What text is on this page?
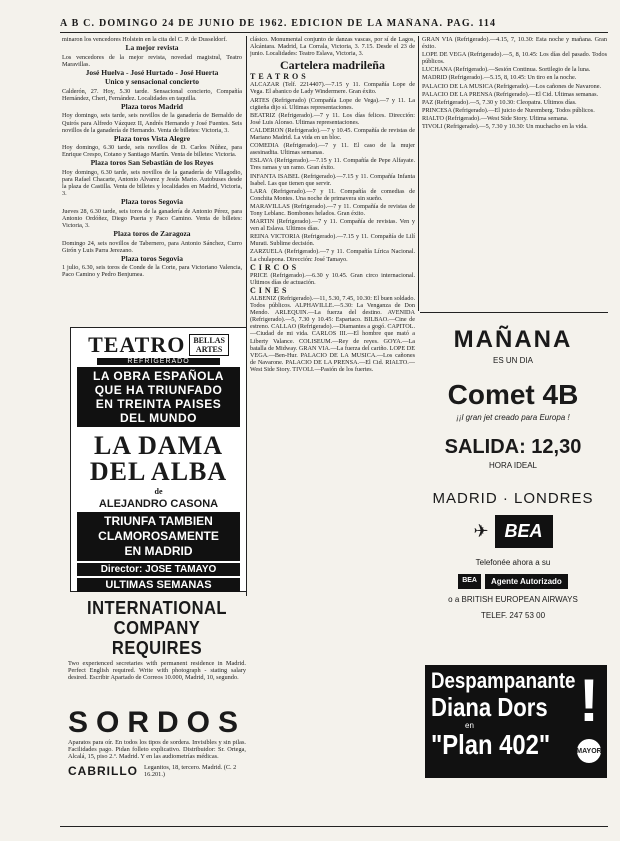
A B C. DOMINGO 24 DE JUNIO DE 1962. EDICION DE LA MAÑANA. PAG. 114

minaron los vencedores Holstein en la cita del C. P. de Dusseldorf.

La mejor revista

Los vencedores de la mejor revista, novedad magistral, Teatro Maravillas.

José Huelva - José Hurtado - José Huerta

Unico y sensacional concierto

Calderón, 27. Hoy, 5.30 tarde. Sensacional concierto, Compañía Hernández, Cheri, Fernández. Localidades en taquilla.

Plaza toros Madrid

Hoy domingo, seis tarde, seis novillos de la ganadería de Bernaldo de Quirós para Alfredo Vázquez II, Andrés Hernando y José Fuentes. Seis novillos de la ganadería de Hernando. Venta de billetes: Victoria, 3.

Plaza toros Vista Alegre

Hoy domingo, 6.30 tarde, seis novillos de D. Carlos Núñez, para Enrique Crespo, Cotano y Santiago Martín. Venta de billetes: Victoria.

Plaza toros San Sebastián de los Reyes

Hoy domingo, 6.30 tarde, seis novillos de la ganadería de Villagodio, para Rafael Chacarte, Antonio Alvarez y Jesús Mario. Autobuses desde la plaza de Castilla. Venta de billetes y localidades en Madrid, Victoria, 3.

Plaza toros Segovia

Jueves 28, 6.30 tarde, seis toros de la ganadería de Antonio Pérez, para Antonio Ordóñez, Diego Puerta y Paco Camino. Venta de billetes: Victoria, 3.

Plaza toros de Zaragoza

Domingo 24, seis novillos de Tabernero, para Antonio Sánchez, Curro Girón y Luis Parra Jerezano.

Plaza toros Segovia

1 julio, 6.30, seis toros de Conde de la Corte, para Victoriano Valencia, Paco Camino y Pedro Benjumea.

clásico. Monumental conjunto de danzas vascas, por sí de Lagos, Alcántara. Madrid, La Corrala, Victoria, 3. 7.15. Desde el 23 de junio. Localidades: Teatro Eslava, Victoria, 3.

Cartelera madrileña
TEATROS

ALCAZAR (Telf. 2214407).—7.15 y 11. Compañía Lope de Vega. El abanico de Lady Windermere. Gran éxito.

ARTES (Refrigerado) (Compañía Lope de Vega).—7 y 11. La cigüeña dijo sí. Ultimas representaciones.

BEATRIZ (Refrigerado).—7 y 11. Los días felices. Dirección: José Luis Alonso. Ultimas representaciones.

CALDERON (Refrigerado).—7 y 10.45. Compañía de revistas de Mariano Madrid. La vida en un bloc.

COMEDIA (Refrigerado).—7 y 11. El caso de la mujer asesinadita. Ultimas semanas.

ESLAVA (Refrigerado).—7.15 y 11. Compañía de Pepe Alfayate. Tres ramas y un ramo. Gran éxito.

INFANTA ISABEL (Refrigerado).—7.15 y 11. Compañía Infanta Isabel. Las que tienen que servir.

LARA (Refrigerado).—7 y 11. Compañía de comedias de Conchita Montes. Una noche de primavera sin sueño.

MARAVILLAS (Refrigerado).—7 y 11. Compañía de revistas de Tony Leblanc. Bombones helados. Gran éxito.

MARTIN (Refrigerado).—7 y 11. Compañía de revistas. Ven y ven al Eslava. Ultimos días.

REINA VICTORIA (Refrigerado).—7.15 y 11. Compañía de Lilí Murati. Sublime decisión.

ZARZUELA (Refrigerado).—7 y 11. Compañía Lírica Nacional. La chulapona. Dirección: José Tamayo.

CIRCOS

PRICE (Refrigerado).—6.30 y 10.45. Gran circo internacional. Ultimos días de actuación.

CINES

ALBENIZ (Refrigerado).—11, 5.30, 7.45, 10.30: El buen soldado. Todos públicos. ALPHAVILLE.—5.30: La Venganza de Don Mendo. ARLEQUIN.—La fuerza del destino. AVENIDA (Refrigerado).—5, 7.30 y 10.45: Espartaco. BILBAO.—Cine de estreno. CALLAO (Refrigerado).—Diamantes a gogó. CAPITOL.—Ciudad de mi vida. CARLOS III.—El hombre que mató a Liberty Valance. COLISEUM.—Rey de reyes. GOYA.—La batalla de Midway. GRAN VIA.—La fuerza del cariño. LOPE DE VEGA.—Ben-Hur. PALACIO DE LA MUSICA.—Los cañones de Navarone. PALACIO DE LA PRENSA.—El Cid. RIALTO.—West Side Story. TIVOLI.—Pasión de los fuertes.

GRAN VIA (Refrigerado).—4.15, 7, 10.30: Esta noche y mañana. Gran éxito.

LOPE DE VEGA (Refrigerado).—5, 8, 10.45: Los días del pasado. Todos públicos.

LUCHANA (Refrigerado).—Sesión Continua. Sortilegio de la luna.

MADRID (Refrigerado).—5.15, 8, 10.45: Un tiro en la noche.

PALACIO DE LA MUSICA (Refrigerado).—Los cañones de Navarone.

PALACIO DE LA PRENSA (Refrigerado).—El Cid. Ultimas semanas.

PAZ (Refrigerado).—5, 7.30 y 10.30: Cleopatra. Ultimos días.

PRINCESA (Refrigerado).—El juicio de Nuremberg. Todos públicos.

RIALTO (Refrigerado).—West Side Story. Ultima semana.

TIVOLI (Refrigerado).—5, 7.30 y 10.30: Un muchacho en la vida.

TEATRO	BELLAS
ARTES
REFRIGERADO
LA OBRA ESPAÑOLA
QUE HA TRIUNFADO
EN TREINTA PAISES
DEL MUNDO
LA DAMA
DEL ALBA
de
ALEJANDRO CASONA
TRIUNFA TAMBIEN
CLAMOROSAMENTE
EN MADRID
Director: JOSE TAMAYO
ULTIMAS SEMANAS
INTERNATIONAL
COMPANY REQUIRES
Two experienced secretaries with permanent residence in Madrid. Perfect English required. Write with photograph - stating salary desired. Escribir Apartado de Correos 10.000, Madrid, 10, segundo.
SORDOS
Aparatos para oír. En todos los tipos de sordera. Invisibles y sin pilas. Facilidades pago. Pidan folleto explicativo. Distribuidor: Sr. Ortega, Alcalá, 15, piso 2.º. Madrid. Y en las audiometrías médicas.
CABRILLO Leganitos, 18, tercero. Madrid. (C. 2 16.201.)
MAÑANA
ES UN DIA
Comet 4B
¡¡l gran jet creado para Europa !
SALIDA: 12,30
HORA IDEAL
MADRID · LONDRES
✈ BEA
Telefonée ahora a su
BEA	Agente Autorizado
o a BRITISH EUROPEAN AIRWAYS
TELEF. 247 53 00
Despampanante
Diana Dors
en
"Plan 402"
!
MAYOR
